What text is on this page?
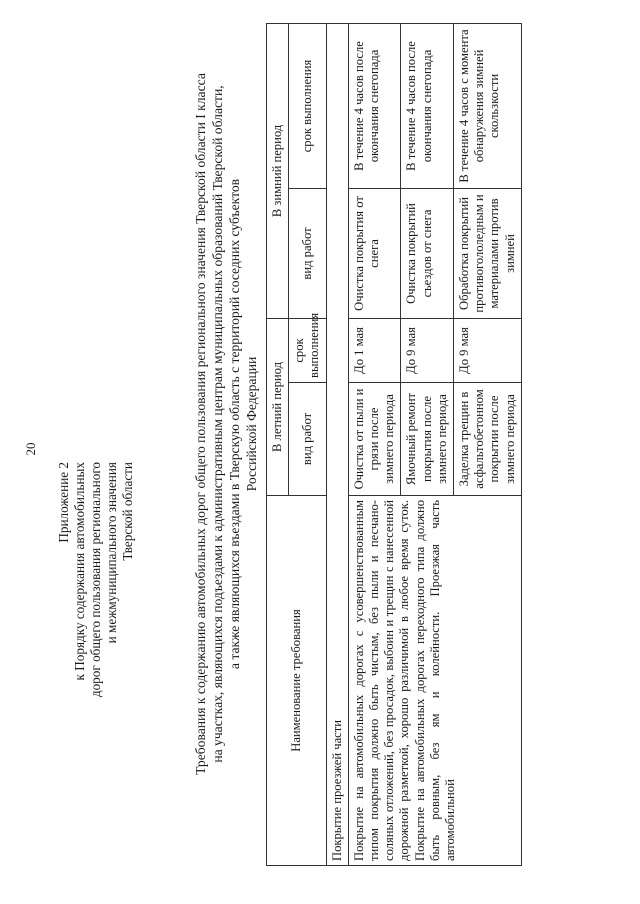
20
Приложение 2 к Порядку содержания автомобильных дорог общего пользования регионального и межмуниципального значения Тверской области	Требования к содержанию автомобильных дорог общего пользования регионального значения Тверской области I класса на участках, являющихся подъездами к административным центрам муниципальных образований Тверской области, а также являющихся въездами в Тверскую область с территорий соседних субъектов Российской Федерации
Наименование требования	В летний период		В зимний период	
	вид работ	срок выполнения	вид работ	срок выполнения
Покрытие проезжей части				
Покрытие на автомобильных дорогах с усовершенствованным типом покрытия должно быть чистым, без пыли и песчано-соляных отложений, без просадок, выбоин и трещин с нанесенной дорожной разметкой, хорошо различимой в любое время суток. Покрытие на автомобильных дорогах переходного типа должно быть ровным, без ям и колейности. Проезжая часть автомобильной	Очистка от пыли и грязи после зимнего периода	До 1 мая	Очистка покрытия от снега	В течение 4 часов после окончания снегопада
	Ямочный ремонт покрытия после зимнего периода	До 9 мая	Очистка покрытий съездов от снега	В течение 4 часов после окончания снегопада
	Заделка трещин в асфальтобетонном покрытии после зимнего периода	До 9 мая	Обработка покрытий противогололедным и материалами против зимней	В течение 4 часов с момента обнаружения зимней скользкости
